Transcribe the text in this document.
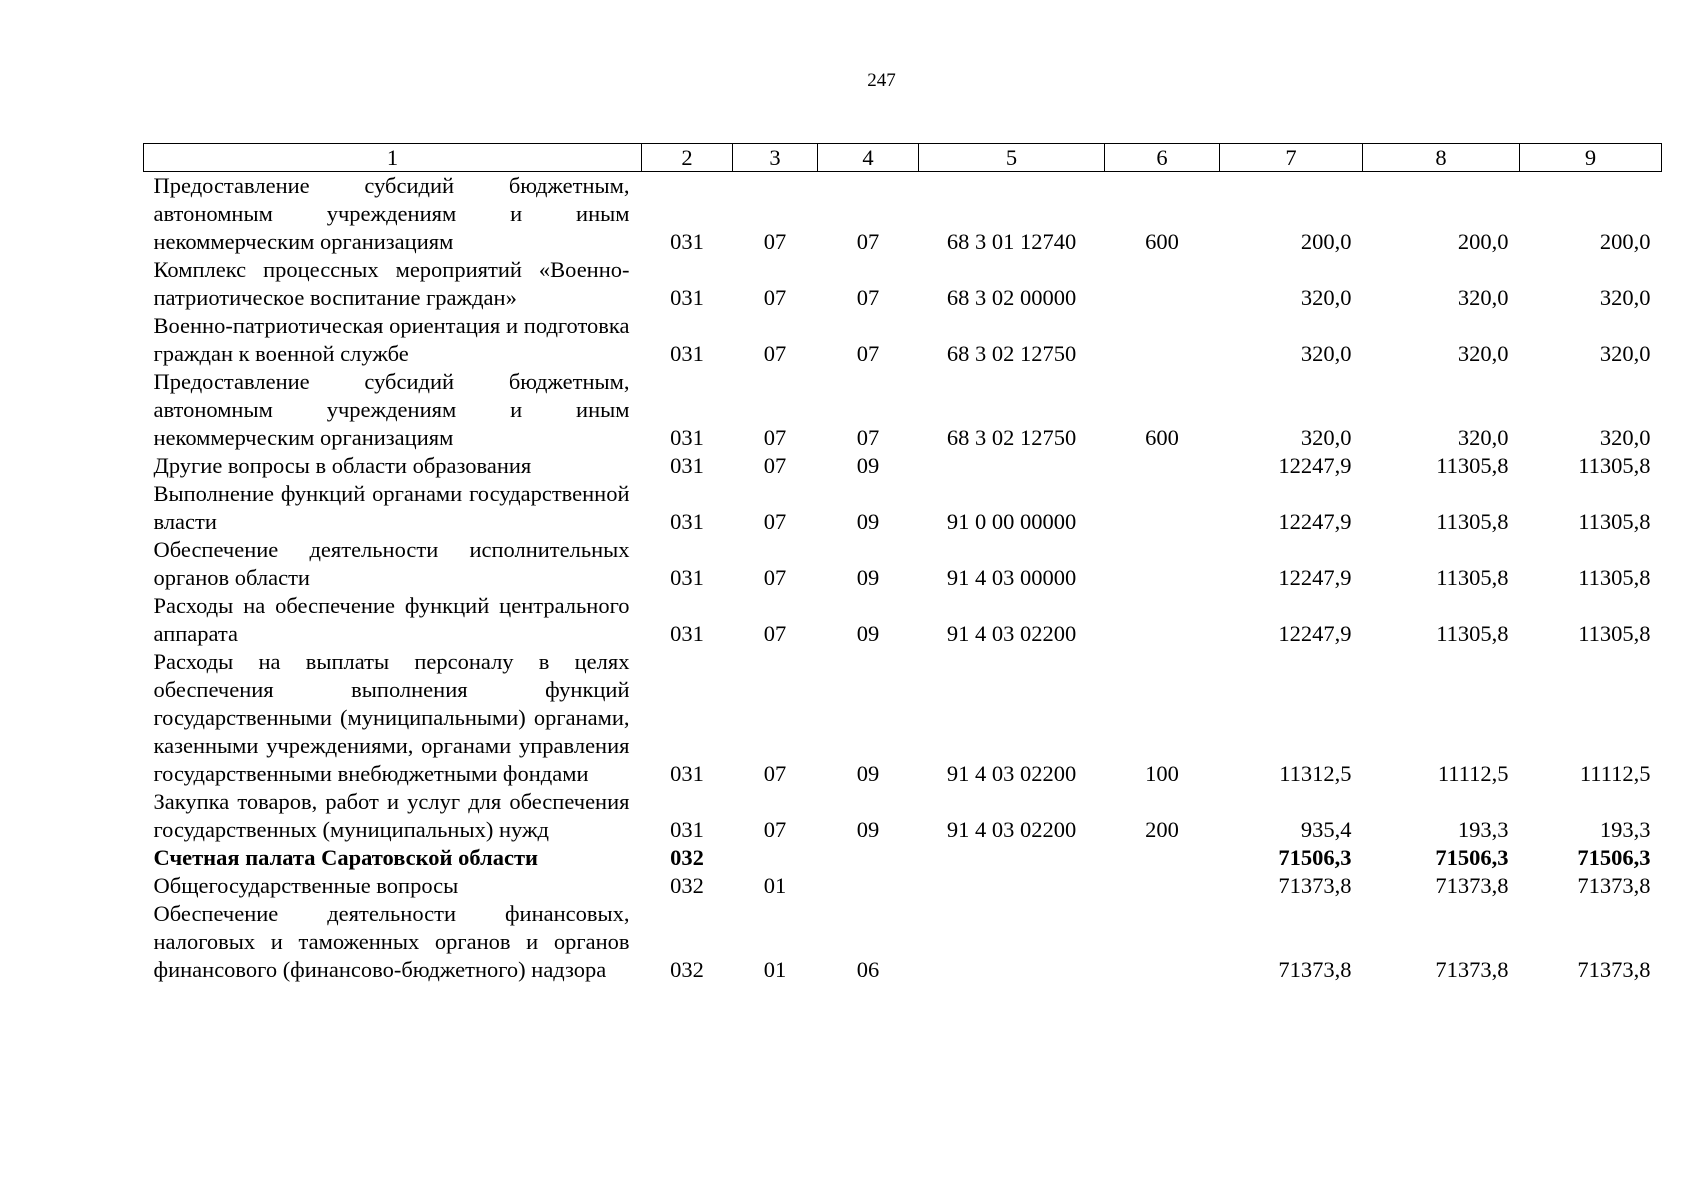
247
1	2	3	4	5	6	7	8	9
Предоставление субсидий бюджетным, автономным учреждениям и иным некоммерческим организациям	031	07	07	68 3 01 12740	600	200,0	200,0	200,0
Комплекс процессных мероприятий «Военно-патриотическое воспитание граждан»	031	07	07	68 3 02 00000		320,0	320,0	320,0
Военно-патриотическая ориентация и подготовка граждан к военной службе	031	07	07	68 3 02 12750		320,0	320,0	320,0
Предоставление субсидий бюджетным, автономным учреждениям и иным некоммерческим организациям	031	07	07	68 3 02 12750	600	320,0	320,0	320,0
Другие вопросы в области образования	031	07	09			12247,9	11305,8	11305,8
Выполнение функций органами государственной власти	031	07	09	91 0 00 00000		12247,9	11305,8	11305,8
Обеспечение деятельности исполнительных органов области	031	07	09	91 4 03 00000		12247,9	11305,8	11305,8
Расходы на обеспечение функций центрального аппарата	031	07	09	91 4 03 02200		12247,9	11305,8	11305,8
Расходы на выплаты персоналу в целях обеспечения выполнения функций государственными (муниципальными) органами, казенными учреждениями, органами управления государственными внебюджетными фондами	031	07	09	91 4 03 02200	100	11312,5	11112,5	11112,5
Закупка товаров, работ и услуг для обеспечения государственных (муниципальных) нужд	031	07	09	91 4 03 02200	200	935,4	193,3	193,3
Счетная палата Саратовской области	032					71506,3	71506,3	71506,3
Общегосударственные вопросы	032	01				71373,8	71373,8	71373,8
Обеспечение деятельности финансовых, налоговых и таможенных органов и органов финансового (финансово-бюджетного) надзора	032	01	06			71373,8	71373,8	71373,8
